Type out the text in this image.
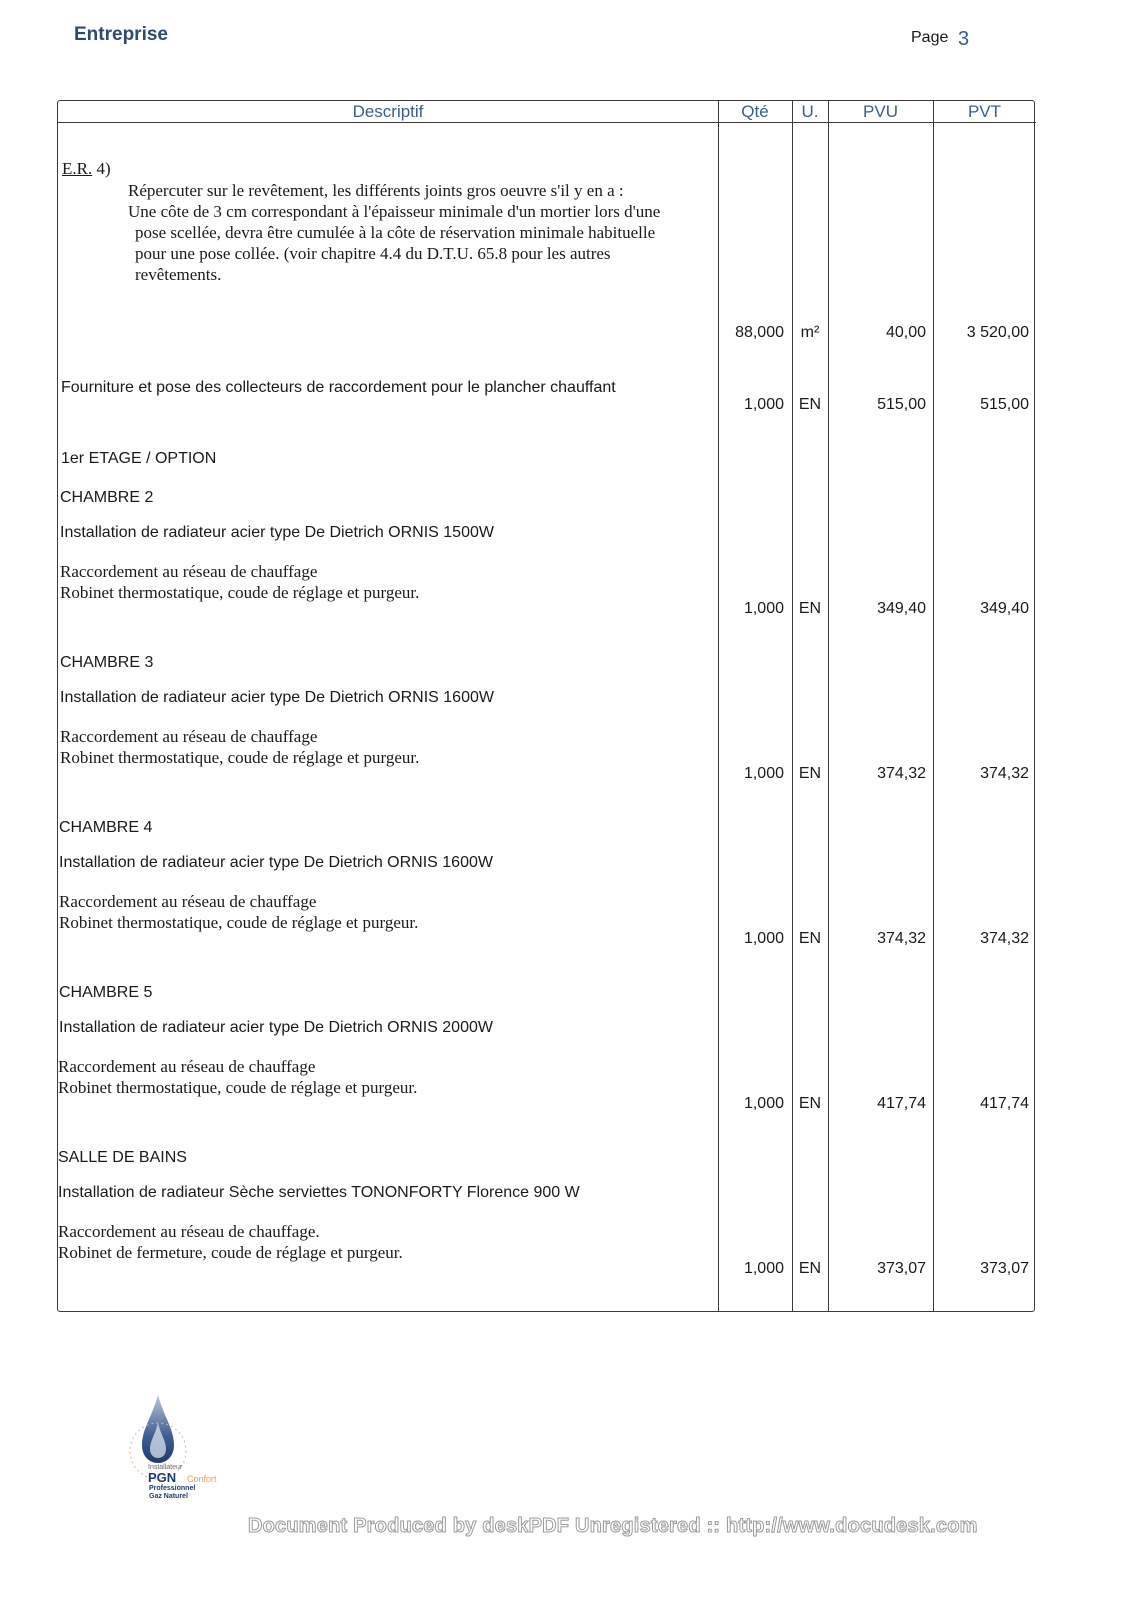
Entreprise	Page 3
Descriptif	Qté	U.	PVU	PVT
E.R. 4)
Répercuter sur le revêtement, les différents joints gros oeuvre s'il y en a :
Une côte de 3 cm correspondant à l'épaisseur minimale d'un mortier lors d'une
pose scellée, devra être cumulée à la côte de réservation minimale habituelle
pour une pose collée. (voir chapitre 4.4 du D.T.U. 65.8 pour les autres
revêtements.
88,000	m²	40,00	3 520,00
Fourniture et pose des collecteurs de raccordement pour le plancher chauffant
1,000 EN	515,00	515,00
1er ETAGE / OPTION
CHAMBRE 2
Installation de radiateur acier type De Dietrich ORNIS 1500W
Raccordement au réseau de chauffage
Robinet thermostatique, coude de réglage et purgeur.
1,000 EN	349,40	349,40
CHAMBRE 3
Installation de radiateur acier type De Dietrich ORNIS 1600W
Raccordement au réseau de chauffage
Robinet thermostatique, coude de réglage et purgeur.
1,000 EN	374,32	374,32
CHAMBRE 4
Installation de radiateur acier type De Dietrich ORNIS 1600W
Raccordement au réseau de chauffage
Robinet thermostatique, coude de réglage et purgeur.
1,000 EN	374,32	374,32
CHAMBRE 5
Installation de radiateur acier type De Dietrich ORNIS 2000W
Raccordement au réseau de chauffage
Robinet thermostatique, coude de réglage et purgeur.
1,000 EN	417,74	417,74
SALLE DE BAINS
Installation de radiateur Sèche serviettes TONONFORTY Florence 900 W
Raccordement au réseau de chauffage.
Robinet de fermeture, coude de réglage et purgeur.
1,000 EN	373,07	373,07
Installateur
PGN Confort
Professionnel
Gaz Naturel
Document Produced by deskPDF Unregistered :: http://www.docudesk.com
